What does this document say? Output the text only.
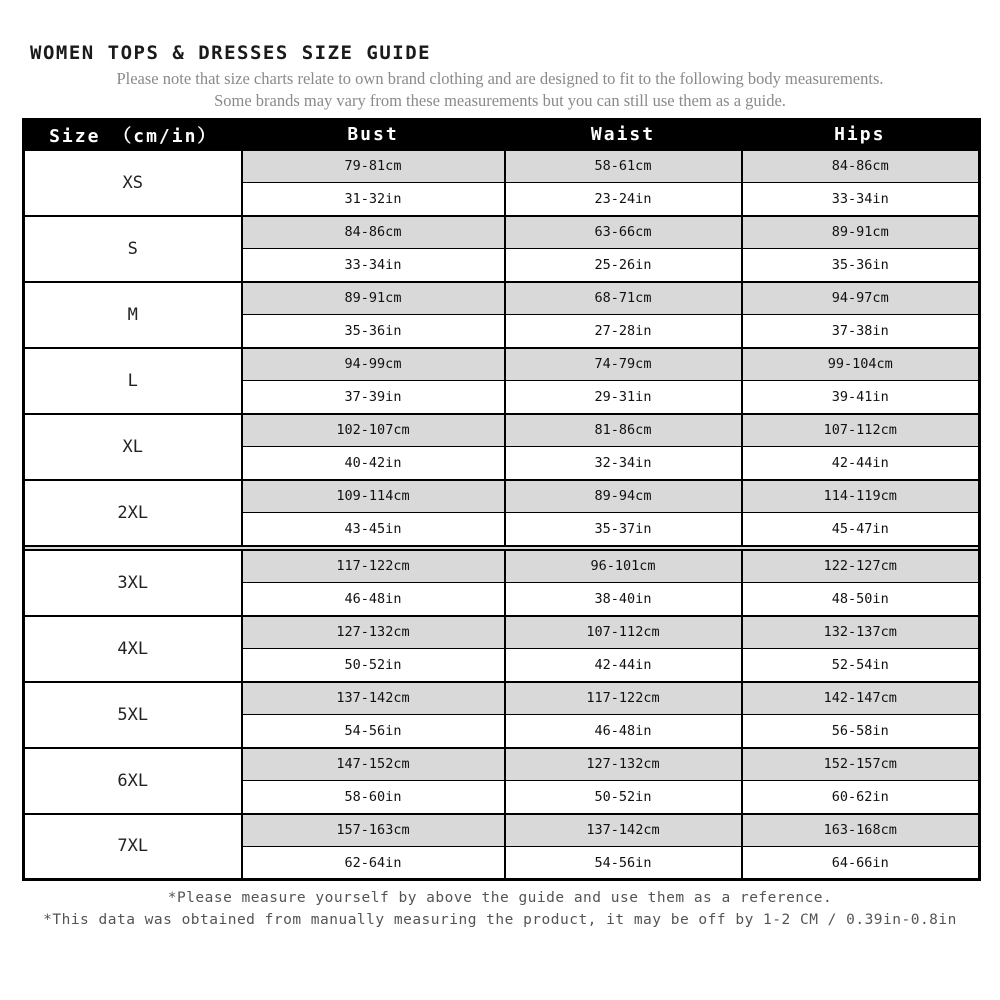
WOMEN TOPS & DRESSES SIZE GUIDE

Please note that size charts relate to own brand clothing and are designed to fit to the following body measurements.

Some brands may vary from these measurements but you can still use them as a guide.

Size （cm/in）	Bust	Waist	Hips
XS	79-81cm	58-61cm	84-86cm
	31-32in	23-24in	33-34in
S	84-86cm	63-66cm	89-91cm
	33-34in	25-26in	35-36in
M	89-91cm	68-71cm	94-97cm
	35-36in	27-28in	37-38in
L	94-99cm	74-79cm	99-104cm
	37-39in	29-31in	39-41in
XL	102-107cm	81-86cm	107-112cm
	40-42in	32-34in	42-44in
2XL	109-114cm	89-94cm	114-119cm
	43-45in	35-37in	45-47in

3XL	117-122cm	96-101cm	122-127cm
	46-48in	38-40in	48-50in
4XL	127-132cm	107-112cm	132-137cm
	50-52in	42-44in	52-54in
5XL	137-142cm	117-122cm	142-147cm
	54-56in	46-48in	56-58in
6XL	147-152cm	127-132cm	152-157cm
	58-60in	50-52in	60-62in
7XL	157-163cm	137-142cm	163-168cm
	62-64in	54-56in	64-66in

*Please measure yourself by above the guide and use them as a reference.

*This data was obtained from manually measuring the product, it may be off by 1-2 CM / 0.39in-0.8in
